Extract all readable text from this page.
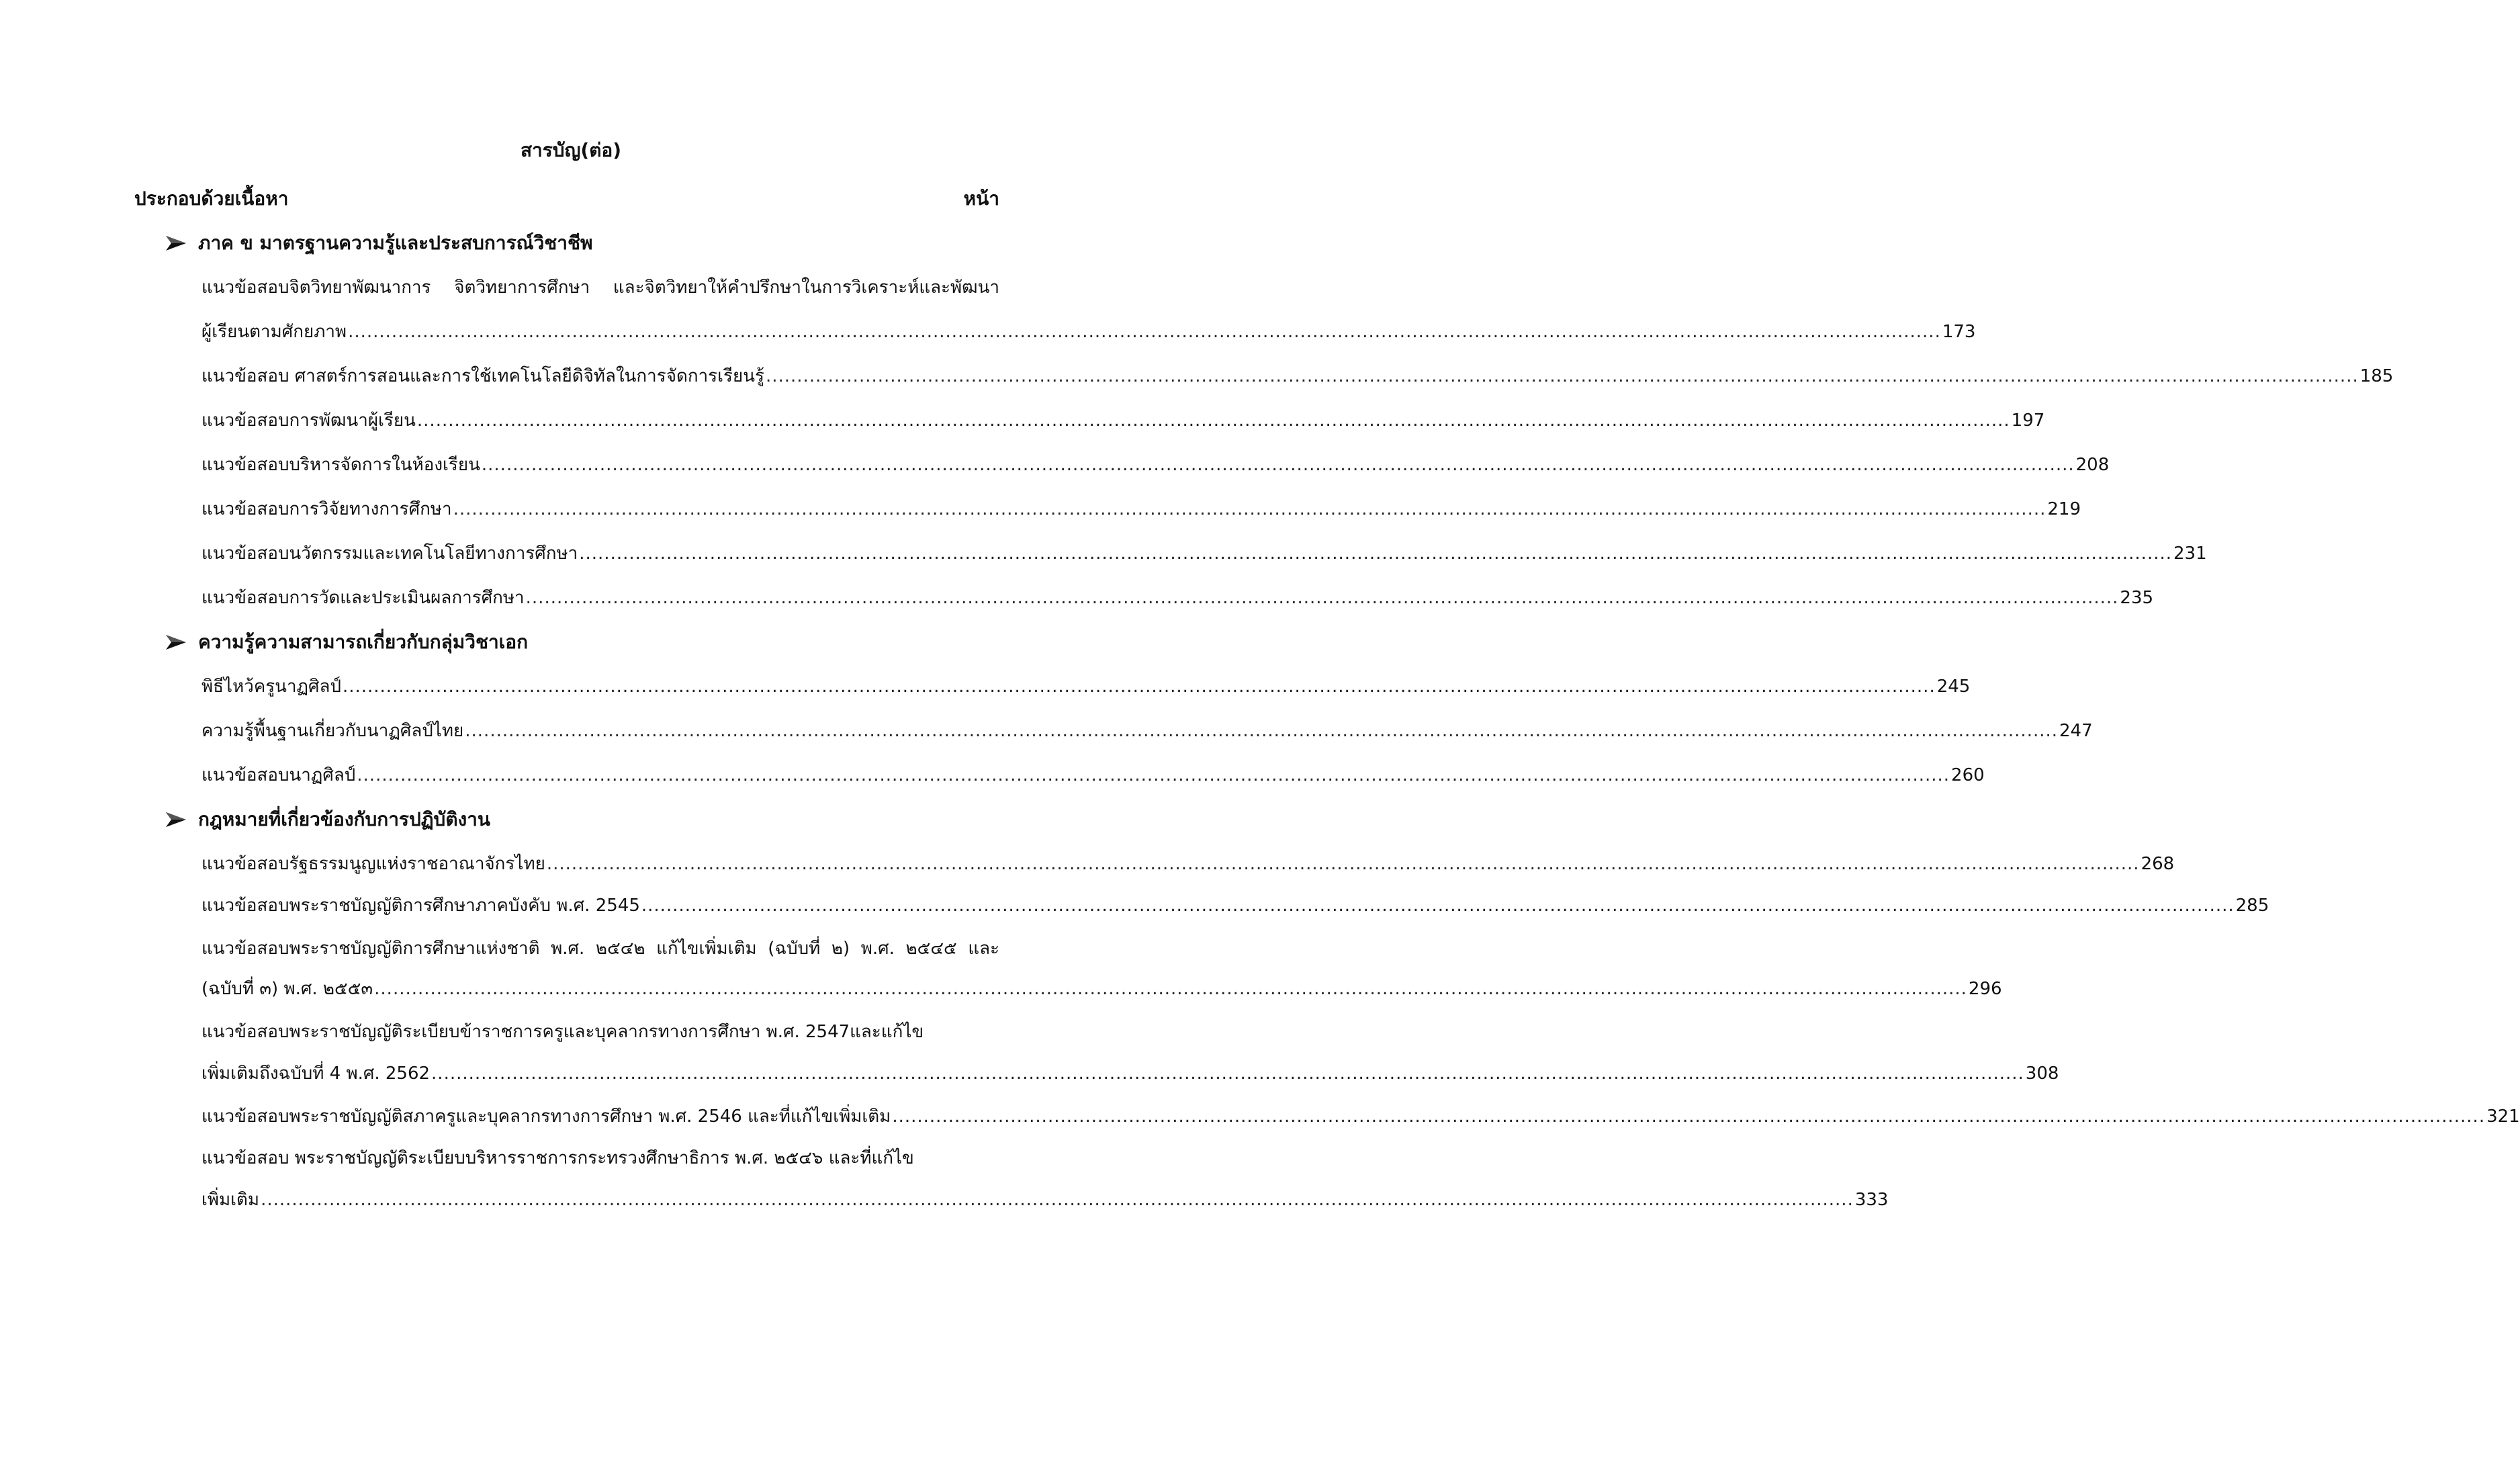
สารบัญ(ต่อ)
ประกอบด้วยเนื้อหา	หน้า
ภาค ข มาตรฐานความรู้และประสบการณ์วิชาชีพ
แนวข้อสอบจิตวิทยาพัฒนาการ จิตวิทยาการศึกษา และจิตวิทยาให้คำปรึกษาในการวิเคราะห์และพัฒนา
ผู้เรียนตามศักยภาพ ................................................................................................................................................................................................................................................................ 173
แนวข้อสอบ ศาสตร์การสอนและการใช้เทคโนโลยีดิจิทัลในการจัดการเรียนรู้ ................................................................................................................................................................................................................................................................ 185
แนวข้อสอบการพัฒนาผู้เรียน ................................................................................................................................................................................................................................................................ 197
แนวข้อสอบบริหารจัดการในห้องเรียน ................................................................................................................................................................................................................................................................ 208
แนวข้อสอบการวิจัยทางการศึกษา ................................................................................................................................................................................................................................................................ 219
แนวข้อสอบนวัตกรรมและเทคโนโลยีทางการศึกษา ................................................................................................................................................................................................................................................................ 231
แนวข้อสอบการวัดและประเมินผลการศึกษา ................................................................................................................................................................................................................................................................ 235
ความรู้ความสามารถเกี่ยวกับกลุ่มวิชาเอก
พิธีไหว้ครูนาฏศิลป์ ................................................................................................................................................................................................................................................................ 245
ความรู้พื้นฐานเกี่ยวกับนาฏศิลป์ไทย ................................................................................................................................................................................................................................................................ 247
แนวข้อสอบนาฏศิลป์ ................................................................................................................................................................................................................................................................ 260
กฎหมายที่เกี่ยวข้องกับการปฏิบัติงาน
แนวข้อสอบรัฐธรรมนูญแห่งราชอาณาจักรไทย ................................................................................................................................................................................................................................................................ 268
แนวข้อสอบพระราชบัญญัติการศึกษาภาคบังคับ พ.ศ. 2545 ................................................................................................................................................................................................................................................................ 285
แนวข้อสอบพระราชบัญญัติการศึกษาแห่งชาติ พ.ศ. ๒๕๔๒ แก้ไขเพิ่มเติม (ฉบับที่ ๒) พ.ศ. ๒๕๔๕ และ
(ฉบับที่ ๓) พ.ศ. ๒๕๕๓ ................................................................................................................................................................................................................................................................ 296
แนวข้อสอบพระราชบัญญัติระเบียบข้าราชการครูและบุคลากรทางการศึกษา พ.ศ. 2547และแก้ไข
เพิ่มเติมถึงฉบับที่ 4 พ.ศ. 2562 ................................................................................................................................................................................................................................................................ 308
แนวข้อสอบพระราชบัญญัติสภาครูและบุคลากรทางการศึกษา พ.ศ. 2546 และที่แก้ไขเพิ่มเติม ................................................................................................................................................................................................................................................................ 321
แนวข้อสอบ พระราชบัญญัติระเบียบบริหารราชการกระทรวงศึกษาธิการ พ.ศ. ๒๕๔๖ และที่แก้ไข
เพิ่มเติม ................................................................................................................................................................................................................................................................ 333
